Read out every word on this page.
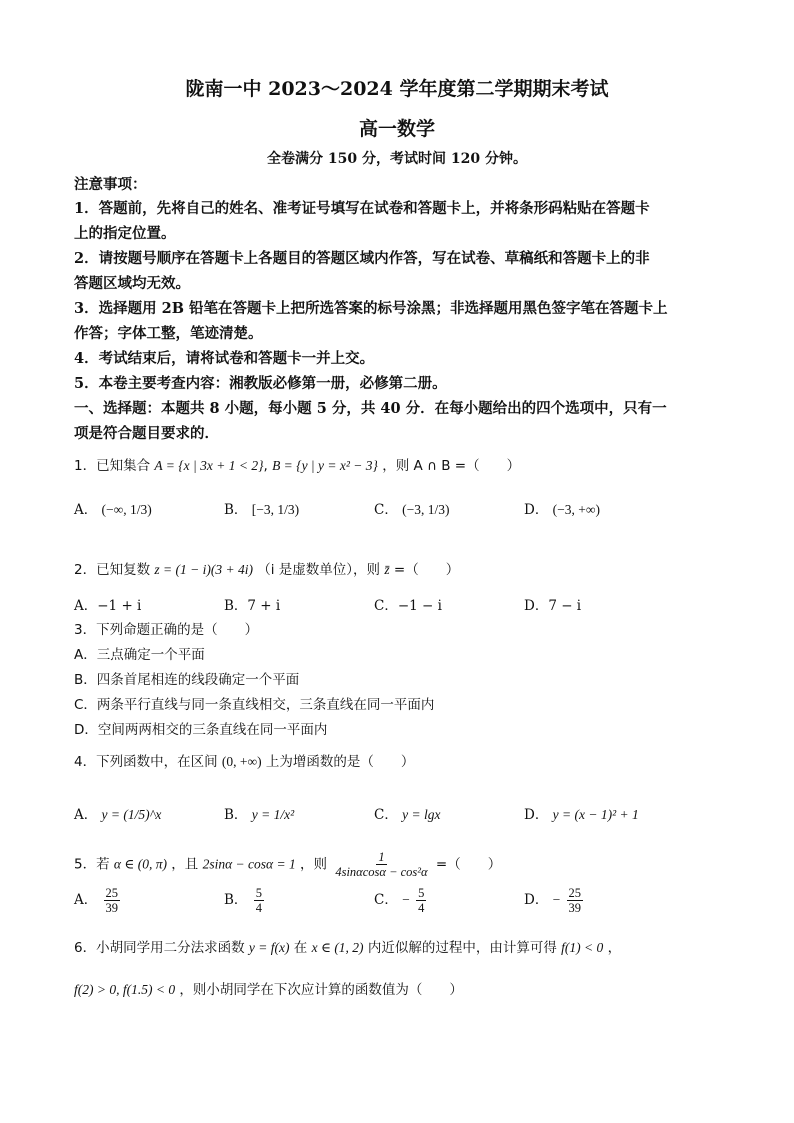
陇南一中 2023～2024 学年度第二学期期末考试
高一数学
全卷满分 150 分，考试时间 120 分钟。
注意事项：
1．答题前，先将自己的姓名、准考证号填写在试卷和答题卡上，并将条形码粘贴在答题卡
上的指定位置。
2．请按题号顺序在答题卡上各题目的答题区域内作答，写在试卷、草稿纸和答题卡上的非
答题区域均无效。
3．选择题用 2B 铅笔在答题卡上把所选答案的标号涂黑；非选择题用黑色签字笔在答题卡上
作答；字体工整，笔迹清楚。
4．考试结束后，请将试卷和答题卡一并上交。
5．本卷主要考查内容：湘教版必修第一册，必修第二册。
一、选择题：本题共 8 小题，每小题 5 分，共 40 分．在每小题给出的四个选项中，只有一
项是符合题目要求的．
1．已知集合 A = {x | 3x + 1 < 2}, B = {y | y = x² − 3} ，则 A ∩ B =（　　）
A． (−∞, 1/3)	B． [−3, 1/3)	C． (−3, 1/3)	D． (−3, +∞)
2．已知复数 z = (1 − i)(3 + 4i) （i 是虚数单位），则 z̄ =（　　）
A．−1 + i	B．7 + i	C．−1 − i	D．7 − i
3．下列命题正确的是（　　）
A．三点确定一个平面
B．四条首尾相连的线段确定一个平面
C．两条平行直线与同一条直线相交，三条直线在同一平面内
D．空间两两相交的三条直线在同一平面内
4．下列函数中，在区间 (0, +∞) 上为增函数的是（　　）
A． y = (1/5)^x	B． y = 1/x²	C． y = lgx	D． y = (x − 1)² + 1
5．若 α ∈ (0, π) ，且 2sinα − cosα = 1 ，则 $\frac{1}{\text{4sinαcosα − cos²α}}$ =（　　）
A． $\frac{25}{39}$	B． $\frac{5}{4}$	C． − $\frac{5}{4}$	D． − $\frac{25}{39}$
6．小胡同学用二分法求函数 y = f(x) 在 x ∈ (1, 2) 内近似解的过程中，由计算可得 f(1) < 0 ，
f(2) > 0, f(1.5) < 0 ，则小胡同学在下次应计算的函数值为（　　）
